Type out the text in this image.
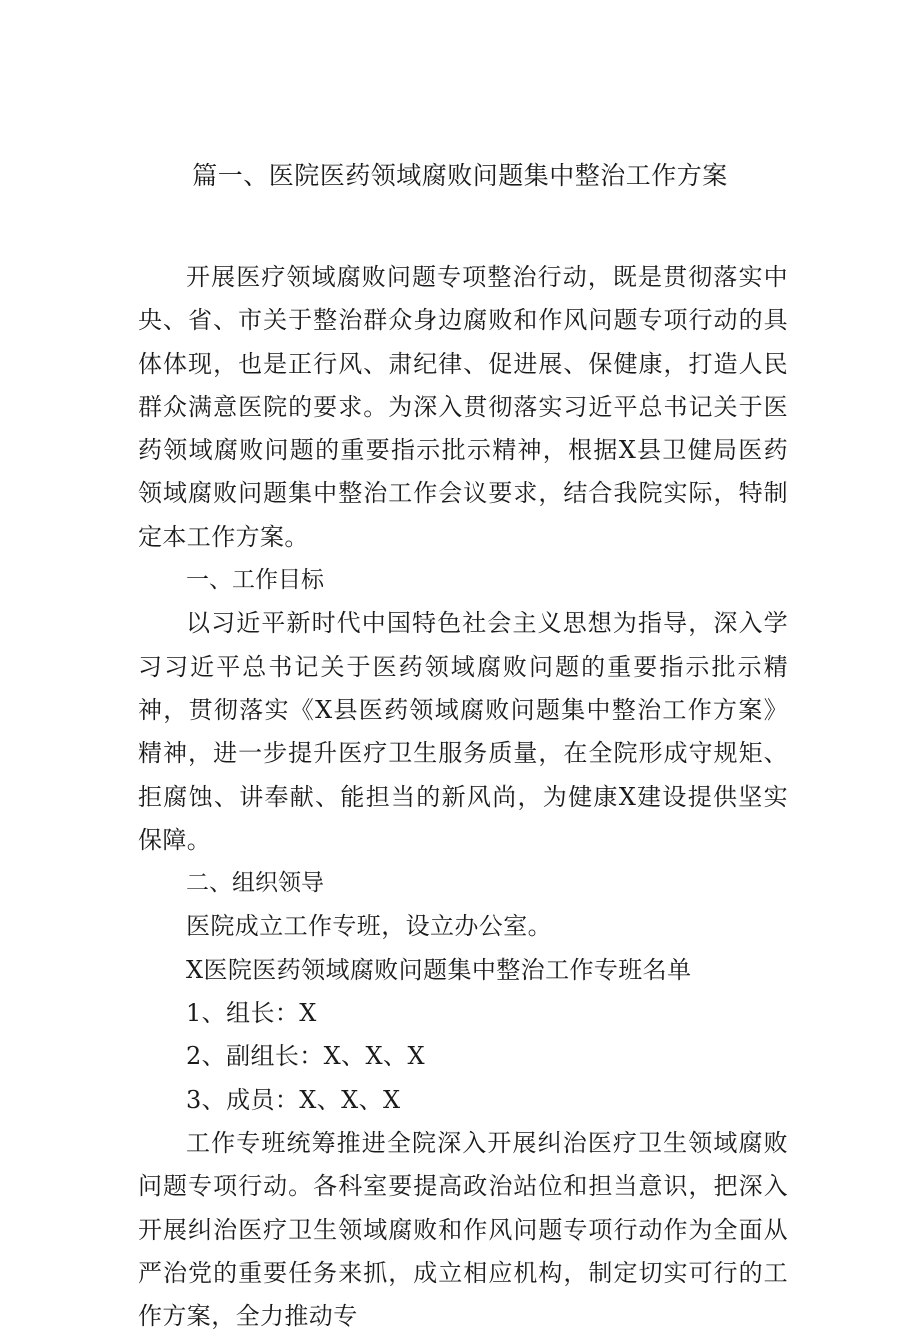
篇一、医院医药领域腐败问题集中整治工作方案

开展医疗领域腐败问题专项整治行动，既是贯彻落实中央、省、市关于整治群众身边腐败和作风问题专项行动的具体体现，也是正行风、肃纪律、促进展、保健康，打造人民群众满意医院的要求。为深入贯彻落实习近平总书记关于医药领域腐败问题的重要指示批示精神，根据X县卫健局医药领域腐败问题集中整治工作会议要求，结合我院实际，特制定本工作方案。

一、工作目标

以习近平新时代中国特色社会主义思想为指导，深入学习习近平总书记关于医药领域腐败问题的重要指示批示精神，贯彻落实《X县医药领域腐败问题集中整治工作方案》精神，进一步提升医疗卫生服务质量，在全院形成守规矩、拒腐蚀、讲奉献、能担当的新风尚，为健康X建设提供坚实保障。

二、组织领导

医院成立工作专班，设立办公室。

X医院医药领域腐败问题集中整治工作专班名单

1、组长：X

2、副组长：X、X、X

3、成员：X、X、X

工作专班统筹推进全院深入开展纠治医疗卫生领域腐败问题专项行动。各科室要提高政治站位和担当意识，把深入开展纠治医疗卫生领域腐败和作风问题专项行动作为全面从严治党的重要任务来抓，成立相应机构，制定切实可行的工作方案，全力推动专
